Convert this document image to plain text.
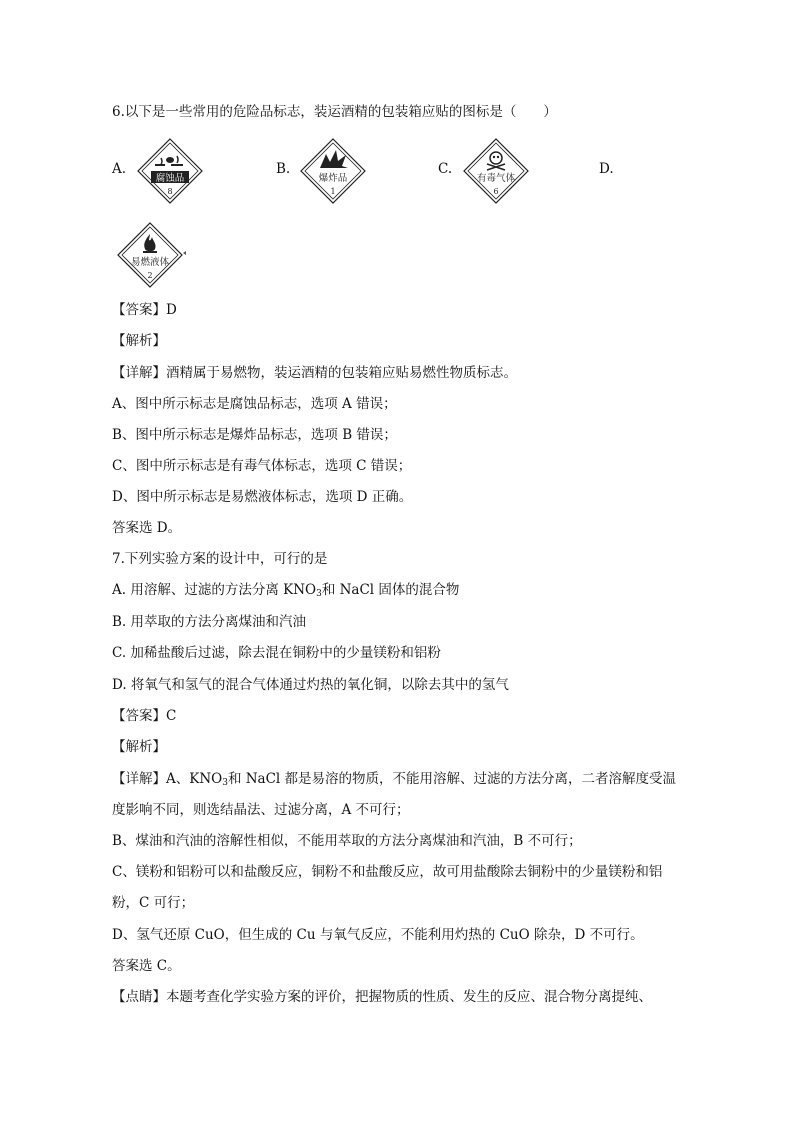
6.以下是一些常用的危险品标志，装运酒精的包装箱应贴的图标是（　　）
A.
腐蚀品
8
B.
爆炸品
1
C.
有毒气体
6
D.
易燃液体
2
【答案】D
【解析】
【详解】酒精属于易燃物，装运酒精的包装箱应贴易燃性物质标志。
A、图中所示标志是腐蚀品标志，选项 A 错误；
B、图中所示标志是爆炸品标志，选项 B 错误；
C、图中所示标志是有毒气体标志，选项 C 错误；
D、图中所示标志是易燃液体标志，选项 D 正确。
答案选 D。
7.下列实验方案的设计中，可行的是
A. 用溶解、过滤的方法分离 $KNO_3$和 NaCl 固体的混合物
B. 用萃取的方法分离煤油和汽油
C. 加稀盐酸后过滤，除去混在铜粉中的少量镁粉和铝粉
D. 将氧气和氢气的混合气体通过灼热的氧化铜，以除去其中的氢气
【答案】C
【解析】
【详解】A、$KNO_3$和 NaCl 都是易溶的物质，不能用溶解、过滤的方法分离，二者溶解度受温
度影响不同，则选结晶法、过滤分离，A 不可行；
B、煤油和汽油的溶解性相似，不能用萃取的方法分离煤油和汽油，B 不可行；
C、镁粉和铝粉可以和盐酸反应，铜粉不和盐酸反应，故可用盐酸除去铜粉中的少量镁粉和铝
粉，C 可行；
D、氢气还原 CuO，但生成的 Cu 与氧气反应，不能利用灼热的 CuO 除杂，D 不可行。
答案选 C。
【点睛】本题考查化学实验方案的评价，把握物质的性质、发生的反应、混合物分离提纯、
